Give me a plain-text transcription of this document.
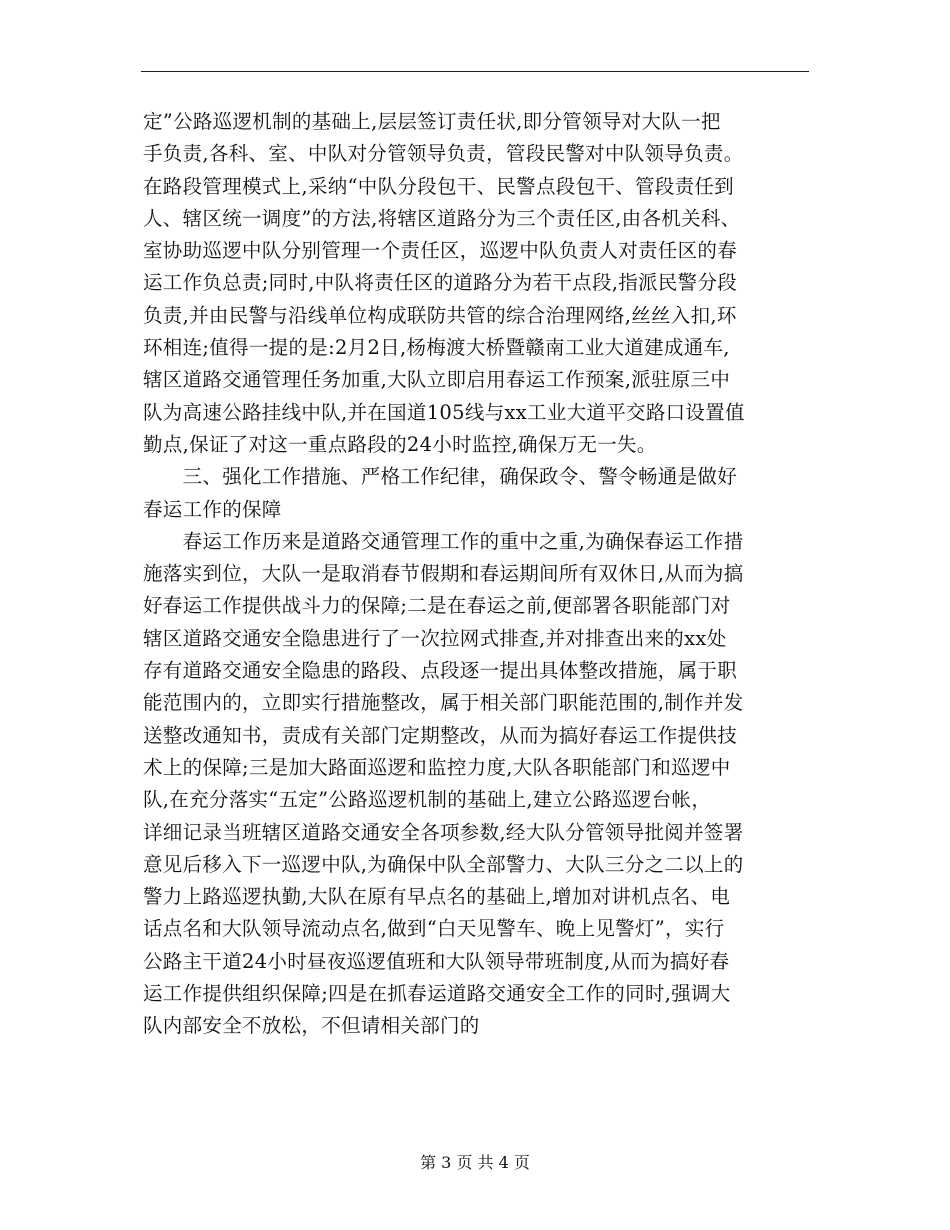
定”公路巡逻机制的基础上,层层签订责任状,即分管领导对大队一把
手负责,各科、室、中队对分管领导负责，管段民警对中队领导负责。
在路段管理模式上,采纳“中队分段包干、民警点段包干、管段责任到
人、辖区统一调度”的方法,将辖区道路分为三个责任区,由各机关科、
室协助巡逻中队分别管理一个责任区，巡逻中队负责人对责任区的春
运工作负总责;同时,中队将责任区的道路分为若干点段,指派民警分段
负责,并由民警与沿线单位构成联防共管的综合治理网络,丝丝入扣,环
环相连;值得一提的是:2月2日,杨梅渡大桥暨赣南工业大道建成通车,
辖区道路交通管理任务加重,大队立即启用春运工作预案,派驻原三中
队为高速公路挂线中队,并在国道105线与xx工业大道平交路口设置值
勤点,保证了对这一重点路段的24小时监控,确保万无一失。
　　三、强化工作措施、严格工作纪律，确保政令、警令畅通是做好
春运工作的保障
　　春运工作历来是道路交通管理工作的重中之重,为确保春运工作措
施落实到位，大队一是取消春节假期和春运期间所有双休日,从而为搞
好春运工作提供战斗力的保障;二是在春运之前,便部署各职能部门对
辖区道路交通安全隐患进行了一次拉网式排查,并对排查出来的xx处
存有道路交通安全隐患的路段、点段逐一提出具体整改措施，属于职
能范围内的，立即实行措施整改，属于相关部门职能范围的,制作并发
送整改通知书，责成有关部门定期整改，从而为搞好春运工作提供技
术上的保障;三是加大路面巡逻和监控力度,大队各职能部门和巡逻中
队,在充分落实“五定”公路巡逻机制的基础上,建立公路巡逻台帐，
详细记录当班辖区道路交通安全各项参数,经大队分管领导批阅并签署
意见后移入下一巡逻中队,为确保中队全部警力、大队三分之二以上的
警力上路巡逻执勤,大队在原有早点名的基础上,增加对讲机点名、电
话点名和大队领导流动点名,做到“白天见警车、晚上见警灯”，实行
公路主干道24小时昼夜巡逻值班和大队领导带班制度,从而为搞好春
运工作提供组织保障;四是在抓春运道路交通安全工作的同时,强调大
队内部安全不放松，不但请相关部门的
第 3 页 共 4 页
